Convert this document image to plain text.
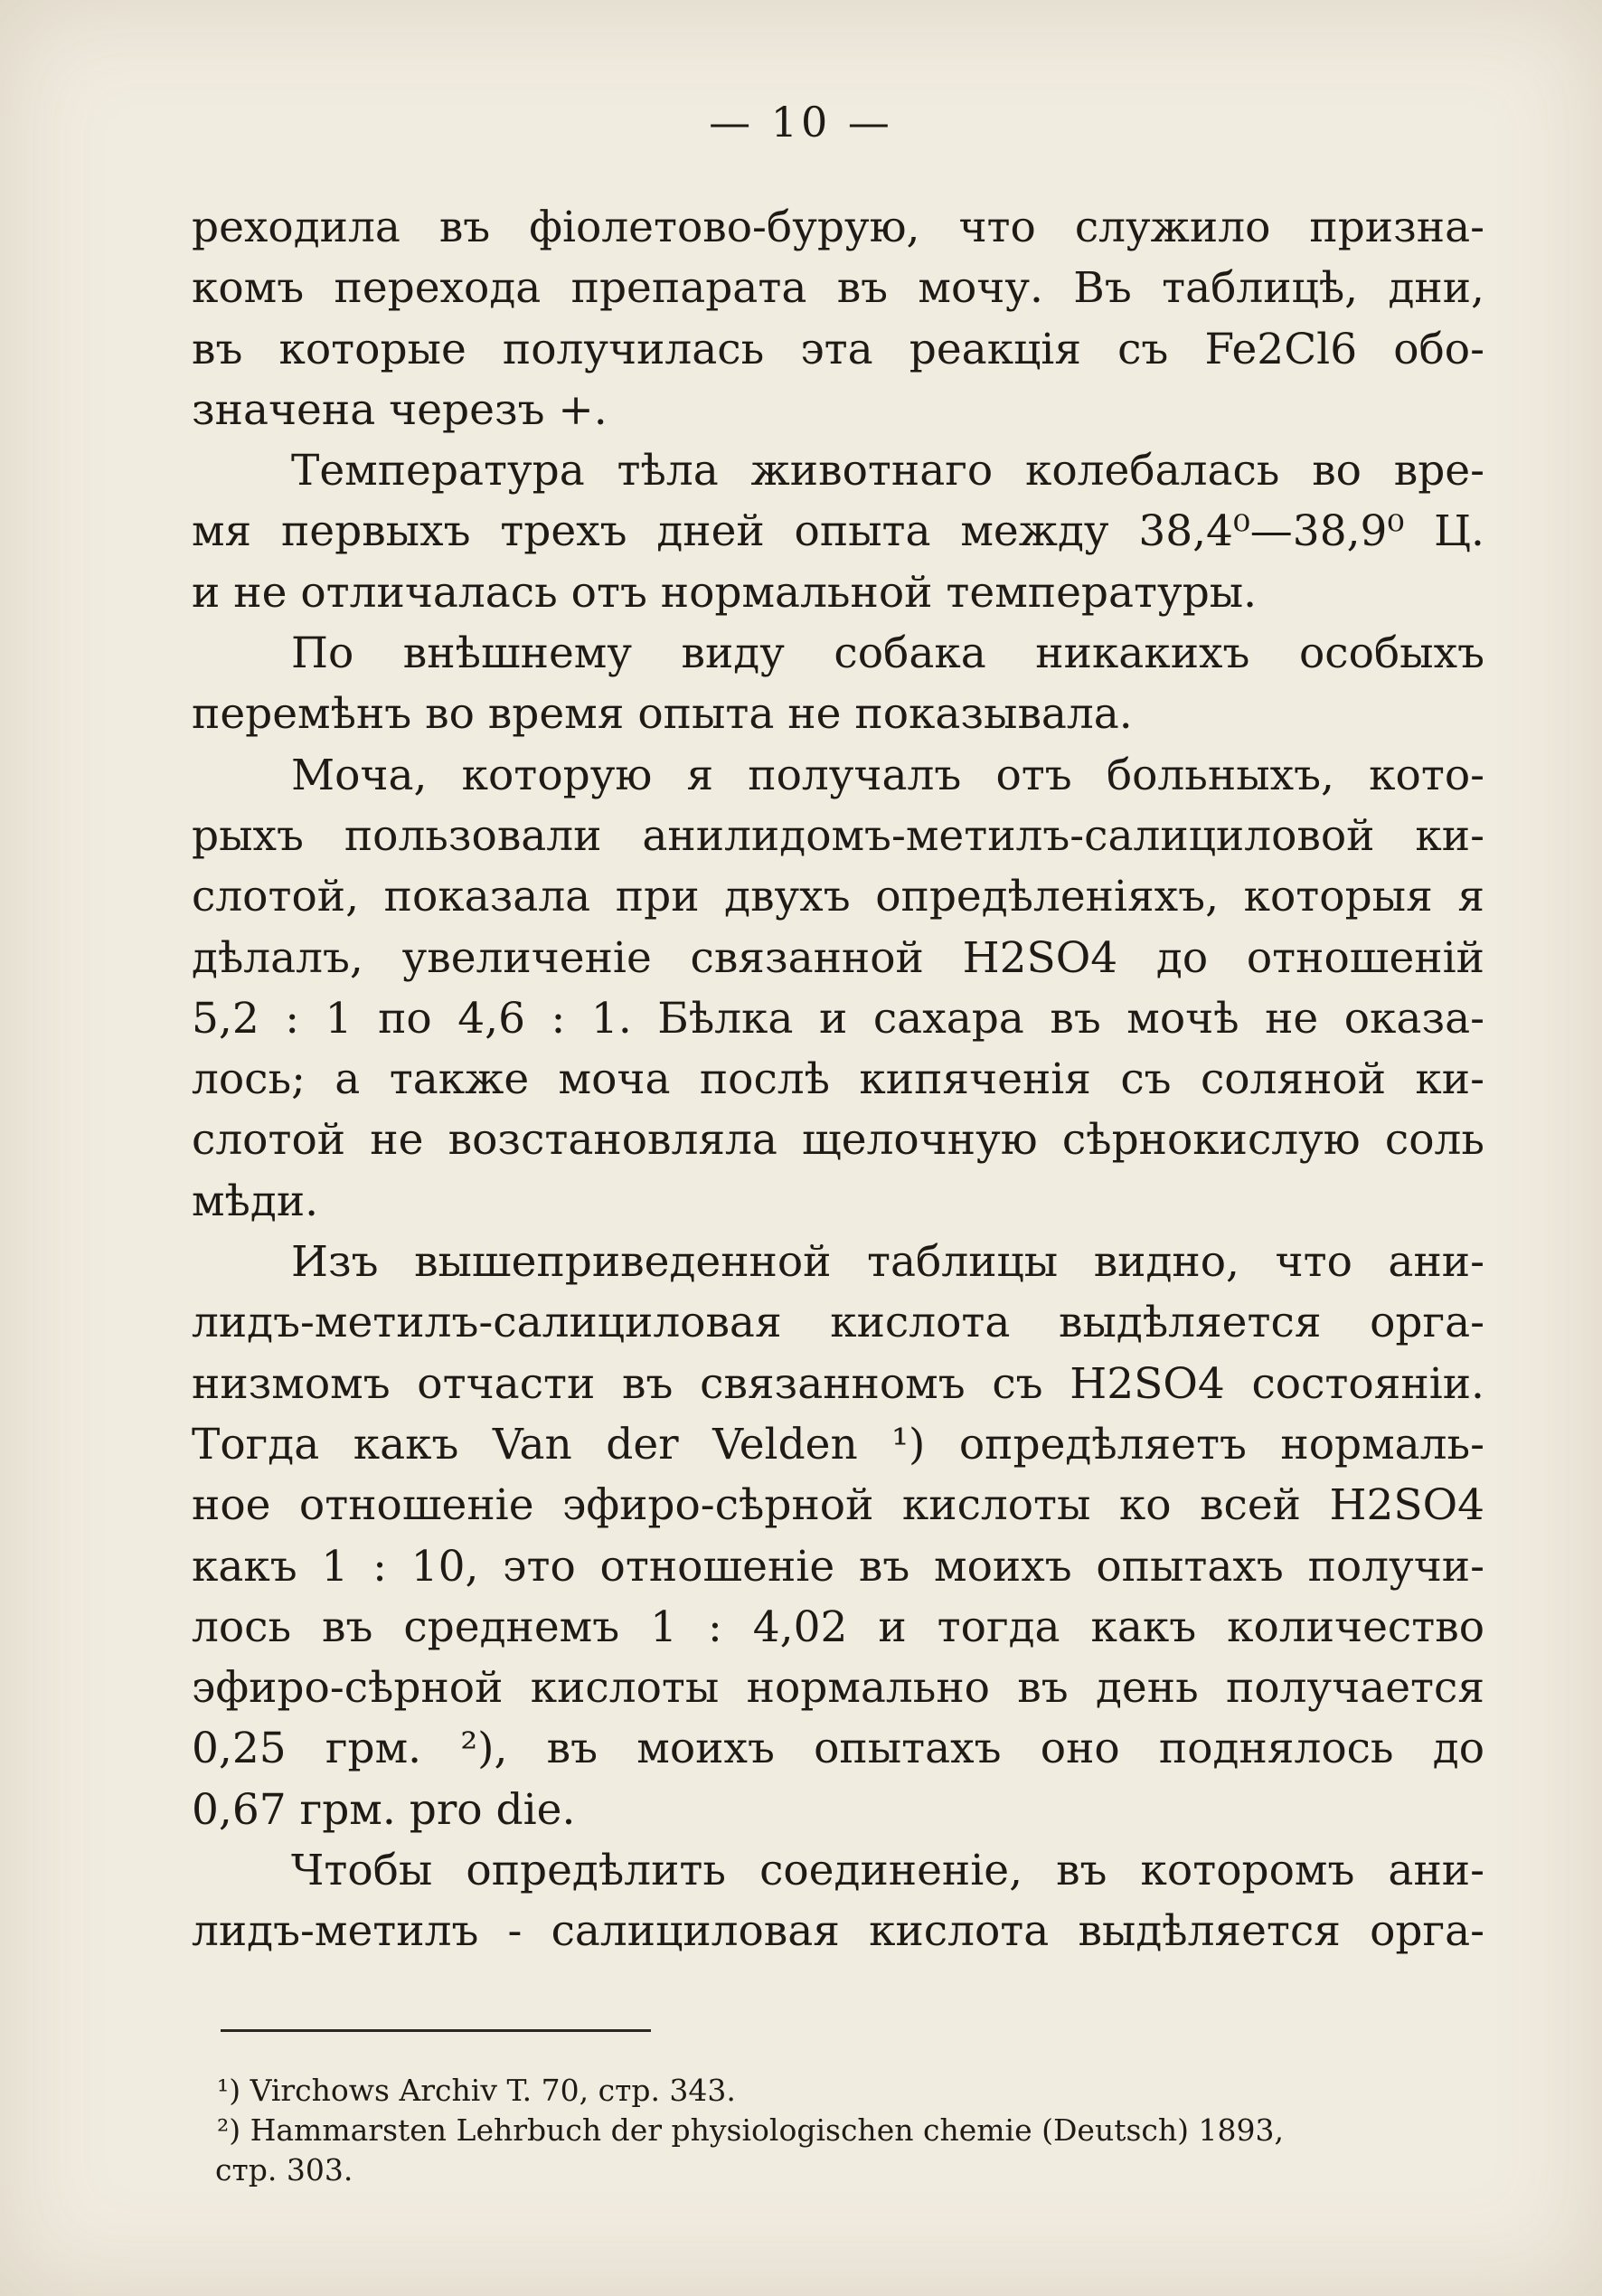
— 10 —

реходила въ фіолетово-бурую, что служило призна-
комъ перехода препарата въ мочу. Въ таблицѣ, дни,
въ которые получилась эта реакція съ Fe2Cl6 обо-
значена черезъ +.

Температура тѣла животнаго колебалась во вре-
мя первыхъ трехъ дней опыта между 38,4⁰—38,9⁰ Ц.
и не отличалась отъ нормальной температуры.

По внѣшнему виду собака никакихъ особыхъ
перемѣнъ во время опыта не показывала.

Моча, которую я получалъ отъ больныхъ, кото-
рыхъ пользовали анилидомъ-метилъ-салициловой ки-
слотой, показала при двухъ опредѣленіяхъ, которыя я
дѣлалъ, увеличеніе связанной H2SO4 до отношеній
5,2 : 1 по 4,6 : 1. Бѣлка и сахара въ мочѣ не оказа-
лось; а также моча послѣ кипяченія съ соляной ки-
слотой не возстановляла щелочную сѣрнокислую соль
мѣди.

Изъ вышеприведенной таблицы видно, что ани-
лидъ-метилъ-салициловая кислота выдѣляется орга-
низмомъ отчасти въ связанномъ съ H2SO4 состояніи.
Тогда какъ Van der Velden ¹) опредѣляетъ нормаль-
ное отношеніе эфиро-сѣрной кислоты ко всей H2SO4
какъ 1 : 10, это отношеніе въ моихъ опытахъ получи-
лось въ среднемъ 1 : 4,02 и тогда какъ количество
эфиро-сѣрной кислоты нормально въ день получается
0,25 грм. ²), въ моихъ опытахъ оно поднялось до
0,67 грм. pro die.

Чтобы опредѣлить соединеніе, въ которомъ ани-
лидъ-метилъ - салициловая кислота выдѣляется орга-

¹) Virchows Archiv T. 70, стр. 343.
²) Hammarsten Lehrbuch der physiologischen chemie (Deutsch) 1893,
стр. 303.
